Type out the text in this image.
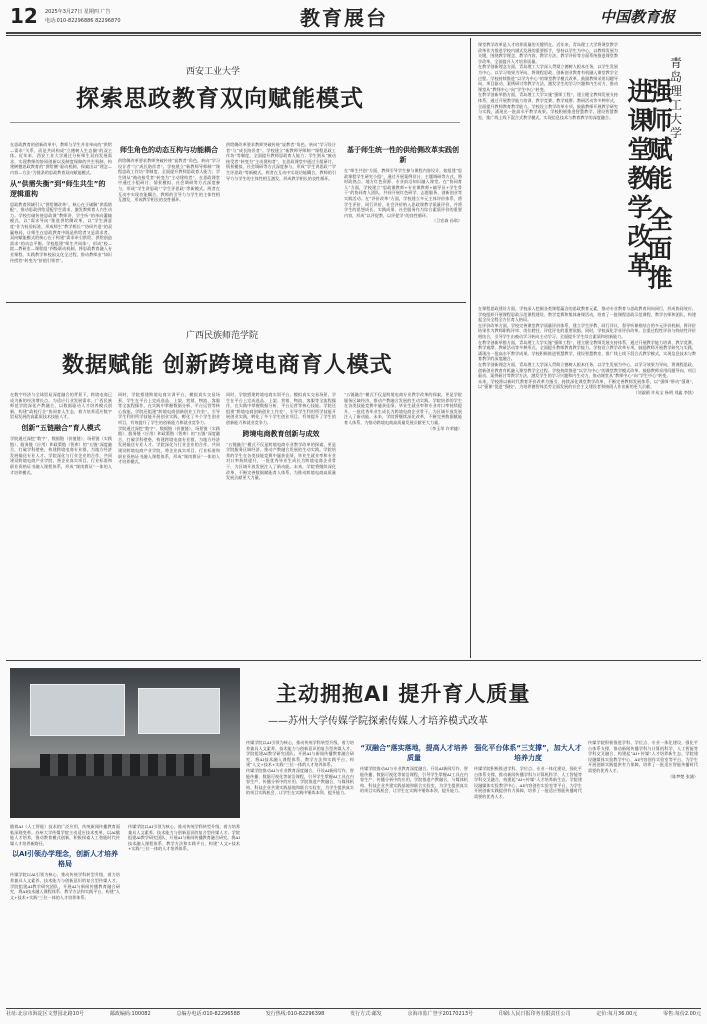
12 2025年3月27日 星期四 广告
电话:010-82296886 82296870	教育展台	中国教育报
西安工业大学
探索思政教育双向赋能模式

在思政教育的创新改革中，教师与学生并非单向的“供给—需求”关系，而是共同构成“立德树人生态圈”的双主体。近年来，西安工业大学通过分析师生双向发展需求，实现教师的协同创新以及制度保障的共生机制，构建树德思政教育的“供给侧”驱动机制，探索出以“理念—内容—方法”为链条的思政教育双向赋能模式。

从“供需失衡”到“师生共生”的逻辑重构

思政教育领域引入“供给侧改革”，核心在于破解“供需错配”，推动思政供给适配学生需求，激发教师育人内生动力。学校打破传统思政课“教师讲、学生听”的单向灌输模式，以“需求导向”推进供给侧改革，以“学生满意度”作为检验标准，形成师生“教学相长”“协同共进”的双赢格局，让师生在思政教育中既是供给者又是需求者。双向赋能模式的核心在于构建“需求牵引供给、供给创造需求”的动态平衡。学校组建“师生共同体”，形成“校—院—教研室—课程组”四级联动机制，将思政教育融入专业课程、实践教学和校园文化全过程，推动教师由“知识传授者”转变为“价值引领者”。

师生角色的动态互构与功能耦合

供给侧改革要求教师突破传统“说教者”角色，转向“学习设计者”与“成长陪伴者”。学校建立“新教师导师制”“课程思政工作坊”等制度，全面提升教师思政育人能力；学生则从“被动接受者”转变为“主动建构者”，在思政课堂中通过小组研讨、情景模拟、社会调研等方式深度参与，形成“学生讲思政”“学生评思政”等新模式。两者在互动中实现功能耦合，教师的引导力与学生的主体性相互激发，形成教学相长的良性循环。

供给侧改革要求教师突破传统“说教者”角色，转向“学习设计者”与“成长陪伴者”。学校建立“新教师导师制”“课程思政工作坊”等制度，全面提升教师思政育人能力；学生则从“被动接受者”转变为“主动建构者”，在思政课堂中通过小组研讨、情景模拟、社会调研等方式深度参与，形成“学生讲思政”“学生评思政”等新模式。两者在互动中实现功能耦合，教师的引导力与学生的主体性相互激发，形成教学相长的良性循环。

基于师生统一性的供给侧改革实践创新

在“师生共创”方面，教师引导学生参与课程内容设计，如组建“思政课程学生研究小组”，通过开展案例设计、主题调研等方式，将时政热点、地方红色资源、专业前沿知识融入课堂。在“协同育人”方面，学校建立“思政课教师+专业课教师+辅导员+学生骨干”的协同育人团队，共同开展红色研学、志愿服务、创新创业等实践活动。在“评价改革”方面，学校建立多元主体评价体系，将学生评价、同行评价、社会评价纳入思政课教学质量评价，并将学生的思想成长、实践成果、社会服务作为综合素质评价的重要内容，形成“以评促教、以评促学”的良性循环。

（卫宏森 孙琪）
广西民族师范学院
数据赋能 创新跨境电商育人模式

在数字经济与全球贸易深度融合的背景下，跨境电商已成为新的经济增长点。为适应行业发展需求，广西民族师范学院深化产教融合，以数据驱动人才培养模式创新，构建“政校行企”协同育人生态，着力培养适应数字贸易发展的高素质技术技能人才。

创新“五链融合”育人模式

学院通过深挖“数字”、数据链（价值链）、场景链（实践链）、服务链（应用）和政策链（智库）的“五链”深度融合，打破学科壁垒，构建跨境电商专业群，为地方经济发展输送专业人才。学院深化与行业企业的合作，共同建设跨境电商产业学院，将企业真实项目、行业标准和职业资格证书融入课程体系，形成“课岗赛证”一体的人才培养模式。

同时，学院搭建跨境电商实训平台，模拟真实交易场景，学生在平台上完成选品、上架、营销、物流、客服等全流程操作，在实践中掌握数据分析、平台运营等核心技能。学院还组建“跨境电商创新创业工作室”，引导学生利用所学技能开展创业实践，孵化了多个学生创业项目，有效提升了学生的创新能力和就业竞争力。

学院通过深挖“数字”、数据链（价值链）、场景链（实践链）、服务链（应用）和政策链（智库）的“五链”深度融合，打破学科壁垒，构建跨境电商专业群，为地方经济发展输送专业人才。学院深化与行业企业的合作，共同建设跨境电商产业学院，将企业真实项目、行业标准和职业资格证书融入课程体系，形成“课岗赛证”一体的人才培养模式。

同时，学院搭建跨境电商实训平台，模拟真实交易场景，学生在平台上完成选品、上架、营销、物流、客服等全流程操作，在实践中掌握数据分析、平台运营等核心技能。学院还组建“跨境电商创新创业工作室”，引导学生利用所学技能开展创业实践，孵化了多个学生创业项目，有效提升了学生的创新能力和就业竞争力。

跨境电商教育创新与成效

“五链融合”模式不仅是跨境电商专业教学改革的探索，更是学院服务区域经济、推动产教融合发展的生动实践。学院培养的学生在各类技能竞赛中屡获佳绩，毕业生就业率和专业对口率持续提升，一批优秀毕业生成长为跨境电商企业骨干，为区域开放发展注入了新动能。未来，学院将继续深化改革，不断完善数据赋能育人体系，为推动跨境电商高质量发展贡献更大力量。

“五链融合”模式不仅是跨境电商专业教学改革的探索，更是学院服务区域经济、推动产教融合发展的生动实践。学院培养的学生在各类技能竞赛中屡获佳绩，毕业生就业率和专业对口率持续提升，一批优秀毕业生成长为跨境电商企业骨干，为区域开放发展注入了新动能。未来，学院将继续深化改革，不断完善数据赋能育人体系，为推动跨境电商高质量发展贡献更大力量。

（李玉翠 许荣捷）

课堂教学改革是人才培养质量的关键所在。近年来，青岛理工大学将课堂教学改革作为推进学校内涵式发展的重要抓手，坚持以学生为中心，以教师发展为关键，围绕教学理念、教学内容、教学方法、教学评价等方面系统推进课堂教学改革，全面提升人才培养质量。

在教学创新理念方面，青岛理工大学深入贯彻立德树人根本任务，以学生发展为中心，以学习效果为导向，将课程思政、创新创业教育有机融入课堂教学全过程。学校持续推进“以学为中心”的课堂教学模式改革，鼓励教师采用问题导向、项目驱动、案例研讨等教学方法，激发学生的学习兴趣和内生动力，推动课堂从“教师中心”向“学生中心”转变。

在教学创新举措方面，青岛理工大学实施“强师工程”，建立健全教师发展支持体系，通过开展教学能力培训、教学竞赛、教学观摩、教研活动等多种形式，全面提升教师教育教学能力。学校设立教学改革专项，鼓励教师开展教学研究与实践，涌现出一批高水平教学成果。学校积极推进智慧教学，建设智慧教室，推广线上线下混合式教学模式，实现信息技术与教育教学的深度融合。

青岛理工大学
强师赋能 全面推进课堂教学改革

在课程思政建设方面，学校深入挖掘各类课程蕴含的思政教育元素，推动专业教育与思政教育同向同行，形成协同效应。学校组织开展课程思政示范课程建设、教学竞赛和集体备课活动，培育了一批课程思政示范课程、教学名师和团队，构建起全员全程全方位育人格局。

在评价改革方面，学校完善课堂教学质量评价体系，建立学生评教、同行评议、督导听课相结合的多元评价机制，将评价结果作为教师职称评审、岗位聘任、评优评先的重要依据。同时，学校深化学业评价改革，注重过程性评价与终结性评价相结合，引导学生由被动学习转向主动学习，全面提升学生综合素质和创新能力。

在教学创新举措方面，青岛理工大学实施“强师工程”，建立健全教师发展支持体系，通过开展教学能力培训、教学竞赛、教学观摩、教研活动等多种形式，全面提升教师教育教学能力。学校设立教学改革专项，鼓励教师开展教学研究与实践，涌现出一批高水平教学成果。学校积极推进智慧教学，建设智慧教室，推广线上线下混合式教学模式，实现信息技术与教育教学的深度融合。

在教学创新理念方面，青岛理工大学深入贯彻立德树人根本任务，以学生发展为中心，以学习效果为导向，将课程思政、创新创业教育有机融入课堂教学全过程。学校持续推进“以学为中心”的课堂教学模式改革，鼓励教师采用问题导向、项目驱动、案例研讨等教学方法，激发学生的学习兴趣和内生动力，推动课堂从“教师中心”向“学生中心”转变。

未来，学校将以新时代教育评价改革为指引，持续深化课堂教学改革，不断完善教师发展体系，以“强师”带动“强课”，以“强课”促进“强校”，为培养德智体美劳全面发展的社会主义建设者和接班人作出新的更大贡献。

（刘淑鹃 许从宝 杨明 刘鑫 李凯）

随着AI（人工智能）技术的广泛应用，传统新闻传播教育面临深刻变革。苏州大学传媒学院主动适应技术变革，以AI赋能人才培养，推动教育模式创新，积极探索人工智能时代传媒人才培养新路径。

以AI引领办学理念，创新人才培养格局

传媒学院以AI引领为核心，推动传统学科转型升级，着力培养兼具人文素养、技术能力与创新意识的复合型传媒人才。学院组建AI教学研究团队，开展AI与新闻传播教育融合研究，将AI技术融入课程体系、教学方法和实践平台，构建“人文+技术+实践”三位一体的人才培养体系。

传媒学院以AI引领为核心，推动传统学科转型升级，着力培养兼具人文素养、技术能力与创新意识的复合型传媒人才。学院组建AI教学研究团队，开展AI与新闻传播教育融合研究，将AI技术融入课程体系、教学方法和实践平台，构建“人文+技术+实践”三位一体的人才培养体系。

主动拥抱AI 提升育人质量
——苏州大学传媒学院探索传媒人才培养模式改革

传媒学院以AI引领为核心，推动传统学科转型升级，着力培养兼具人文素养、技术能力与创新意识的复合型传媒人才。学院组建AI教学研究团队，开展AI与新闻传播教育融合研究，将AI技术融入课程体系、教学方法和实践平台，构建“人文+技术+实践”三位一体的人才培养体系。

传媒学院推动AI与专业教育深度融合，开设AI新闻写作、智能传播、数据可视化等前沿课程，引导学生掌握AI工具在内容生产、传播分析中的应用。学院推进产教融合，与媒体机构、科技企业共建实践基地和联合实验室，为学生提供真实的项目实践机会，让学生在实践中锤炼本领、提升能力。

“双融合”落实落地，提高人才培养质量

传媒学院推动AI与专业教育深度融合，开设AI新闻写作、智能传播、数据可视化等前沿课程，引导学生掌握AI工具在内容生产、传播分析中的应用。学院推进产教融合，与媒体机构、科技企业共建实践基地和联合实验室，为学生提供真实的项目实践机会，让学生在实践中锤炼本领、提升能力。

强化平台体系“三支撑”，加大人才培养力度

传媒学院积极推进学科、学位点、专业一体化建设，强化平台体系支撑，推动新闻传播学科与计算机科学、人工智能等学科交叉融合，构建起“AI+传媒”人才培养新生态。学院建设融媒体实验教学中心、AI内容创作实验室等平台，为学生开展创新实践提供有力保障，培养了一批适应智能传播时代需要的优秀人才。

传媒学院积极推进学科、学位点、专业一体化建设，强化平台体系支撑，推动新闻传播学科与计算机科学、人工智能等学科交叉融合，构建起“AI+传媒”人才培养新生态。学院建设融媒体实验教学中心、AI内容创作实验室等平台，为学生开展创新实践提供有力保障，培养了一批适应智能传播时代需要的优秀人才。

（陈梦楚 张涵）
社址:北京市海淀区文慧园北路10号	邮政编码:100082	总编办电话:010-82296588	发行热线:010-82296398	发行方式:邮发	京海市监广登字20170213号	印刷:人民日报印务有限责任公司	定价:每月36.00元	零售:每份2.00元
